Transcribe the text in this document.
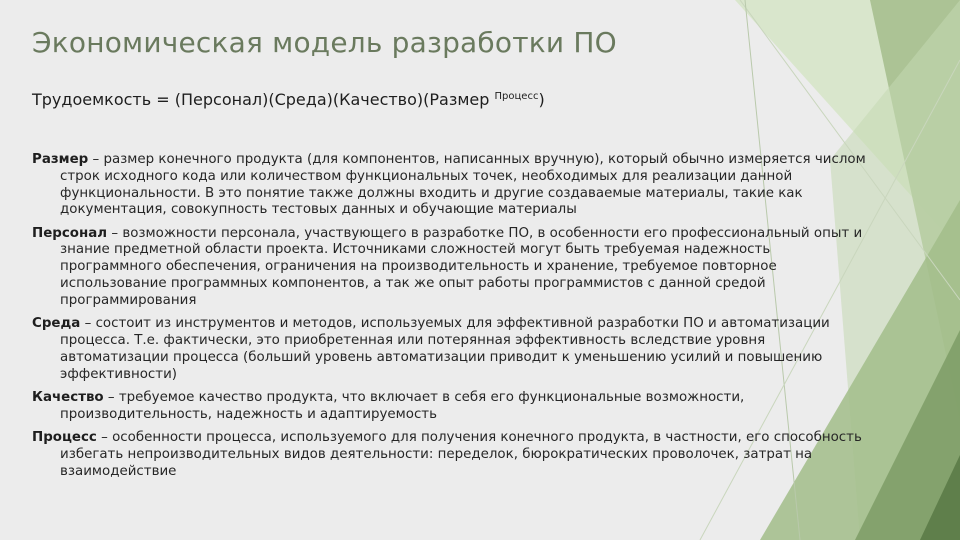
Экономическая модель разработки ПО
Трудоемкость = (Персонал)(Среда)(Качество)(Размер $^{Процесс}$)

Размер – размер конечного продукта (для компонентов, написанных вручную), который обычно измеряется числом строк исходного кода или количеством функциональных точек, необходимых для реализации данной функциональности. В это понятие также должны входить и другие создаваемые материалы, такие как документация, совокупность тестовых данных и обучающие материалы

Персонал – возможности персонала, участвующего в разработке ПО, в особенности его профессиональный опыт и знание предметной области проекта. Источниками сложностей могут быть требуемая надежность программного обеспечения, ограничения на производительность и хранение, требуемое повторное использование программных компонентов, а так же опыт работы программистов с данной средой программирования

Среда – состоит из инструментов и методов, используемых для эффективной разработки ПО и автоматизации процесса. Т.е. фактически, это приобретенная или потерянная эффективность вследствие уровня автоматизации процесса (больший уровень автоматизации приводит к уменьшению усилий и повышению эффективности)

Качество – требуемое качество продукта, что включает в себя его функциональные возможности, производительность, надежность и адаптируемость

Процесс – особенности процесса, используемого для получения конечного продукта, в частности, его способность избегать непроизводительных видов деятельности: переделок, бюрократических проволочек, затрат на взаимодействие
